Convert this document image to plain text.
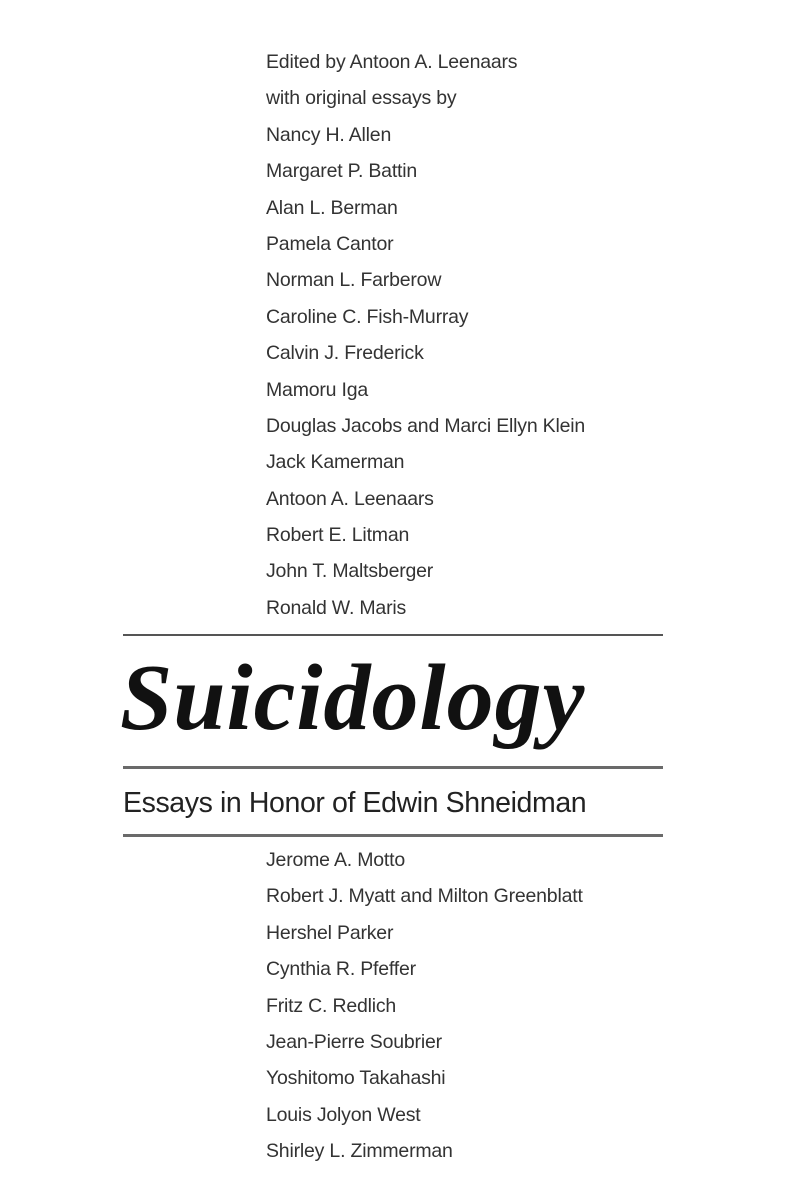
Edited by Antoon A. Leenaars
with original essays by
Nancy H. Allen
Margaret P. Battin
Alan L. Berman
Pamela Cantor
Norman L. Farberow
Caroline C. Fish-Murray
Calvin J. Frederick
Mamoru Iga
Douglas Jacobs and Marci Ellyn Klein
Jack Kamerman
Antoon A. Leenaars
Robert E. Litman
John T. Maltsberger
Ronald W. Maris
Suicidology
Essays in Honor of Edwin Shneidman
Jerome A. Motto
Robert J. Myatt and Milton Greenblatt
Hershel Parker
Cynthia R. Pfeffer
Fritz C. Redlich
Jean-Pierre Soubrier
Yoshitomo Takahashi
Louis Jolyon West
Shirley L. Zimmerman
